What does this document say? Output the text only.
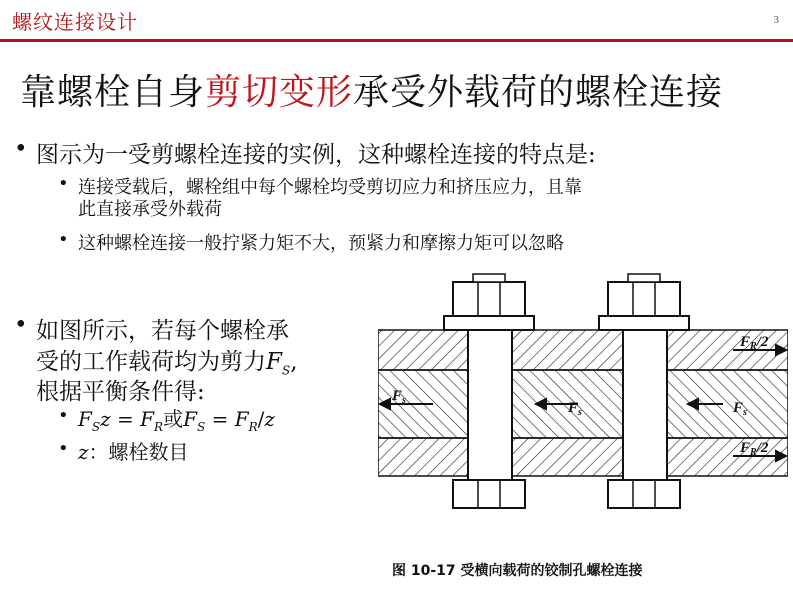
螺纹连接设计	3
靠螺栓自身剪切变形承受外载荷的螺栓连接
• 图示为一受剪螺栓连接的实例，这种螺栓连接的特点是:
• 连接受载后，螺栓组中每个螺栓均受剪切应力和挤压应力，且靠
此直接承受外载荷
• 这种螺栓连接一般拧紧力矩不大，预紧力和摩擦力矩可以忽略
• 如图所示，若每个螺栓承
受的工作载荷均为剪力$F_S$,
根据平衡条件得:
• $F_Sz = F_R$或$F_S = F_R/z$
• z：螺栓数目
$F_R/2$
$F_R/2$
$F_s$	$F_s$	$F_s$
图 10-17 受横向载荷的铰制孔螺栓连接
